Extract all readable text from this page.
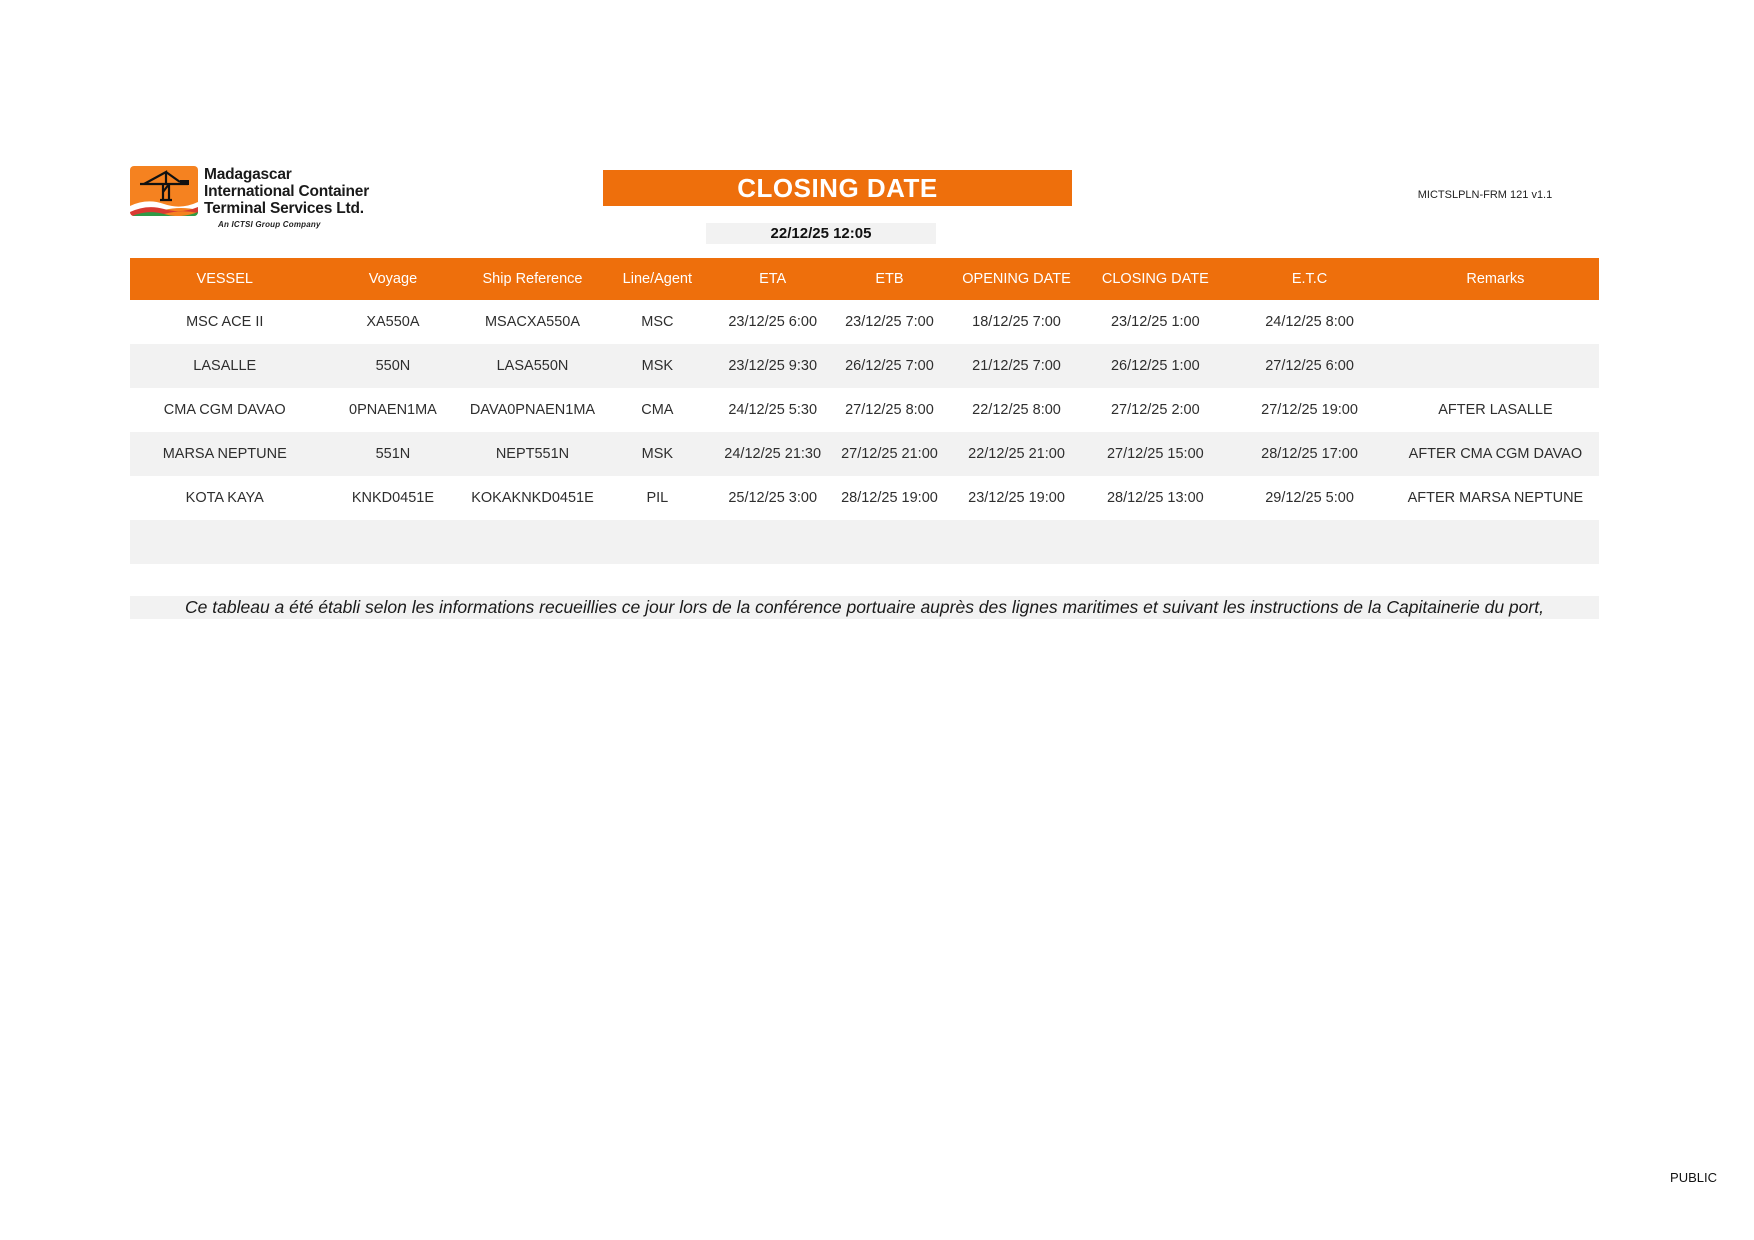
Madagascar
International Container
Terminal Services Ltd.
An ICTSI Group Company
CLOSING DATE	MICTSLPLN-FRM 121 v1.1
22/12/25 12:05
VESSEL	Voyage	Ship Reference	Line/Agent	ETA	ETB	OPENING DATE	CLOSING DATE	E.T.C	Remarks
MSC ACE II	XA550A	MSACXA550A	MSC	23/12/25 6:00	23/12/25 7:00	18/12/25 7:00	23/12/25 1:00	24/12/25 8:00	
LASALLE	550N	LASA550N	MSK	23/12/25 9:30	26/12/25 7:00	21/12/25 7:00	26/12/25 1:00	27/12/25 6:00	
CMA CGM DAVAO	0PNAEN1MA	DAVA0PNAEN1MA	CMA	24/12/25 5:30	27/12/25 8:00	22/12/25 8:00	27/12/25 2:00	27/12/25 19:00	AFTER LASALLE
MARSA NEPTUNE	551N	NEPT551N	MSK	24/12/25 21:30	27/12/25 21:00	22/12/25 21:00	27/12/25 15:00	28/12/25 17:00	AFTER CMA CGM DAVAO
KOTA KAYA	KNKD0451E	KOKAKNKD0451E	PIL	25/12/25 3:00	28/12/25 19:00	23/12/25 19:00	28/12/25 13:00	29/12/25 5:00	AFTER MARSA NEPTUNE

Ce tableau a été établi selon les informations recueillies ce jour lors de la conférence portuaire auprès des lignes maritimes et suivant les instructions de la Capitainerie du port,
PUBLIC
